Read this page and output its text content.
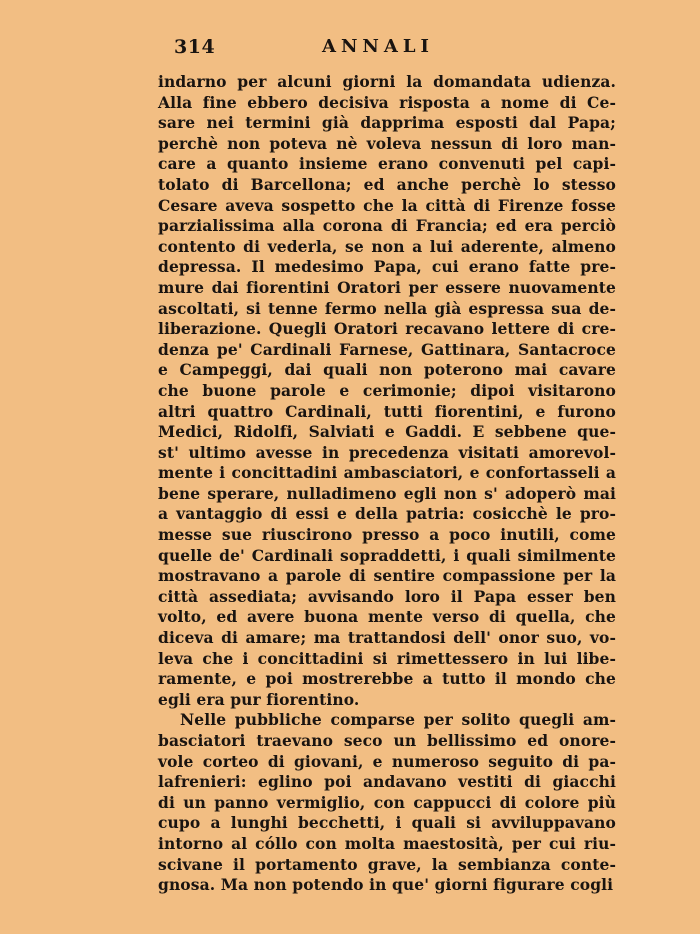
314	ANNALI
indarno per alcuni giorni la domandata udienza.
Alla fine ebbero decisiva risposta a nome di Ce-
sare nei termini già dapprima esposti dal Papa;
perchè non poteva nè voleva nessun di loro man-
care a quanto insieme erano convenuti pel capi-
tolato di Barcellona; ed anche perchè lo stesso
Cesare aveva sospetto che la città di Firenze fosse
parzialissima alla corona di Francia; ed era perciò
contento di vederla, se non a lui aderente, almeno
depressa. Il medesimo Papa, cui erano fatte pre-
mure dai fiorentini Oratori per essere nuovamente
ascoltati, si tenne fermo nella già espressa sua de-
liberazione. Quegli Oratori recavano lettere di cre-
denza pe' Cardinali Farnese, Gattinara, Santacroce
e Campeggi, dai quali non poterono mai cavare
che buone parole e cerimonie; dipoi visitarono
altri quattro Cardinali, tutti fiorentini, e furono
Medici, Ridolfi, Salviati e Gaddi. E sebbene que-
st' ultimo avesse in precedenza visitati amorevol-
mente i concittadini ambasciatori, e confortasseli a
bene sperare, nulladimeno egli non s' adoperò mai
a vantaggio di essi e della patria: cosicchè le pro-
messe sue riuscirono presso a poco inutili, come
quelle de' Cardinali sopraddetti, i quali similmente
mostravano a parole di sentire compassione per la
città assediata; avvisando loro il Papa esser ben
volto, ed avere buona mente verso di quella, che
diceva di amare; ma trattandosi dell' onor suo, vo-
leva che i concittadini si rimettessero in lui libe-
ramente, e poi mostrerebbe a tutto il mondo che
egli era pur fiorentino.
Nelle pubbliche comparse per solito quegli am-
basciatori traevano seco un bellissimo ed onore-
vole corteo di giovani, e numeroso seguito di pa-
lafrenieri: eglino poi andavano vestiti di giacchi
di un panno vermiglio, con cappucci di colore più
cupo a lunghi becchetti, i quali si avviluppavano
intorno al cóllo con molta maestosità, per cui riu-
scivane il portamento grave, la sembianza conte-
gnosa. Ma non potendo in que' giorni figurare cogli
